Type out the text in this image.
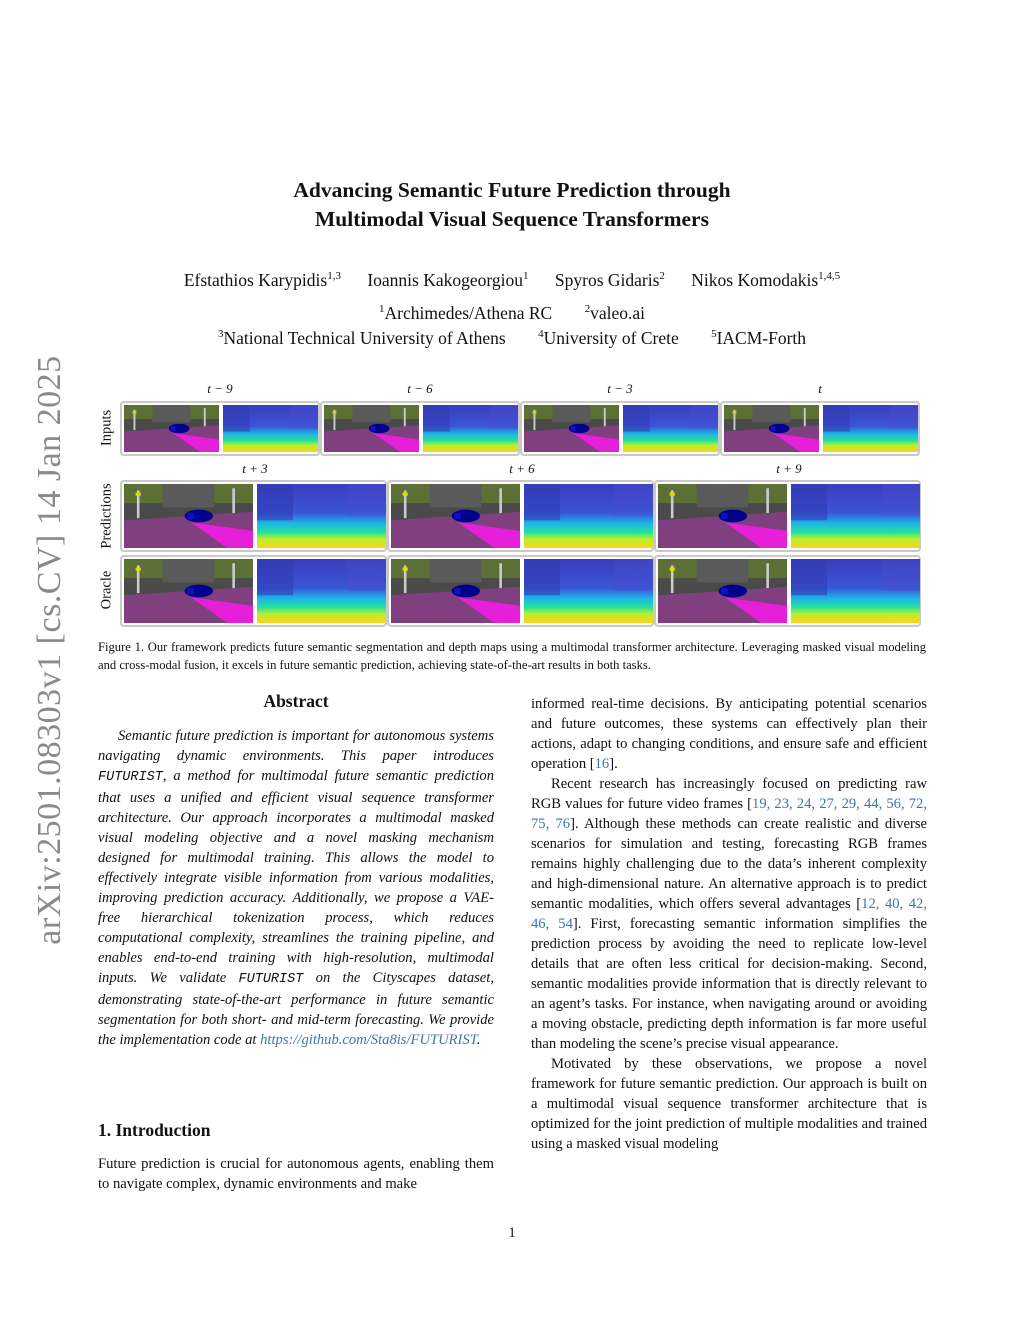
arXiv:2501.08303v1 [cs.CV] 14 Jan 2025
Advancing Semantic Future Prediction through
Multimodal Visual Sequence Transformers
Efstathios Karypidis$^{1,3}$ Ioannis Kakogeorgiou$^1$ Spyros Gidaris$^2$ Nikos Komodakis$^{1,4,5}$
$^1$Archimedes/Athena RC	$^2$valeo.ai
$^3$National Technical University of Athens	$^4$University of Crete	$^5$IACM-Forth
t − 9	t − 6	t − 3	t
t + 3	t + 6	t + 9
Inputs
Predictions
Oracle
Figure 1. Our framework predicts future semantic segmentation and depth maps using a multimodal transformer architecture. Leveraging masked visual modeling and cross-modal fusion, it excels in future semantic prediction, achieving state-of-the-art results in both tasks.
Abstract

Semantic future prediction is important for autonomous systems navigating dynamic environments. This paper introduces FUTURIST, a method for multimodal future semantic prediction that uses a unified and efficient visual sequence transformer architecture. Our approach incorporates a multimodal masked visual modeling objective and a novel masking mechanism designed for multimodal training. This allows the model to effectively integrate visible information from various modalities, improving prediction accuracy. Additionally, we propose a VAE-free hierarchical tokenization process, which reduces computational complexity, streamlines the training pipeline, and enables end-to-end training with high-resolution, multimodal inputs. We validate FUTURIST on the Cityscapes dataset, demonstrating state-of-the-art performance in future semantic segmentation for both short- and mid-term forecasting. We provide the implementation code at https://github.com/Sta8is/FUTURIST.

1. Introduction

Future prediction is crucial for autonomous agents, enabling them to navigate complex, dynamic environments and make

informed real-time decisions. By anticipating potential scenarios and future outcomes, these systems can effectively plan their actions, adapt to changing conditions, and ensure safe and efficient operation [16].

Recent research has increasingly focused on predicting raw RGB values for future video frames [19, 23, 24, 27, 29, 44, 56, 72, 75, 76]. Although these methods can create realistic and diverse scenarios for simulation and testing, forecasting RGB frames remains highly challenging due to the data’s inherent complexity and high-dimensional nature. An alternative approach is to predict semantic modalities, which offers several advantages [12, 40, 42, 46, 54]. First, forecasting semantic information simplifies the prediction process by avoiding the need to replicate low-level details that are often less critical for decision-making. Second, semantic modalities provide information that is directly relevant to an agent’s tasks. For instance, when navigating around or avoiding a moving obstacle, predicting depth information is far more useful than modeling the scene’s precise visual appearance.

Motivated by these observations, we propose a novel framework for future semantic prediction. Our approach is built on a multimodal visual sequence transformer architecture that is optimized for the joint prediction of multiple modalities and trained using a masked visual modeling

1
